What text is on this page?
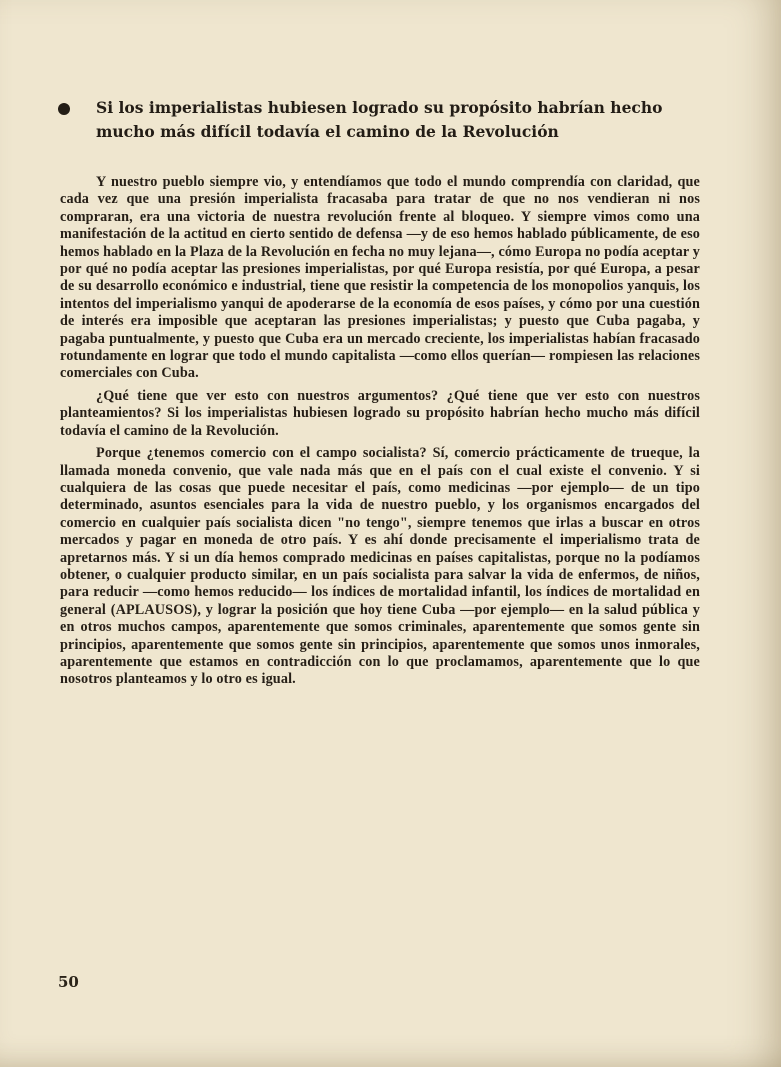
Si los imperialistas hubiesen logrado su propósito habrían hecho mucho más difícil todavía el camino de la Revolución

Y nuestro pueblo siempre vio, y entendíamos que todo el mundo comprendía con claridad, que cada vez que una presión imperialista fracasaba para tratar de que no nos vendieran ni nos compraran, era una victoria de nuestra revolución frente al bloqueo. Y siempre vimos como una manifestación de la actitud en cierto sentido de defensa —y de eso hemos hablado públicamente, de eso hemos hablado en la Plaza de la Revolución en fecha no muy lejana—, cómo Europa no podía aceptar y por qué no podía aceptar las presiones imperialistas, por qué Europa resistía, por qué Europa, a pesar de su desarrollo económico e industrial, tiene que resistir la competencia de los monopolios yanquis, los intentos del imperialismo yanqui de apoderarse de la economía de esos países, y cómo por una cuestión de interés era imposible que aceptaran las presiones imperialistas; y puesto que Cuba pagaba, y pagaba puntualmente, y puesto que Cuba era un mercado creciente, los imperialistas habían fracasado rotundamente en lograr que todo el mundo capitalista —como ellos querían— rompiesen las relaciones comerciales con Cuba.

¿Qué tiene que ver esto con nuestros argumentos? ¿Qué tiene que ver esto con nuestros planteamientos? Si los imperialistas hubiesen logrado su propósito habrían hecho mucho más difícil todavía el camino de la Revolución.

Porque ¿tenemos comercio con el campo socialista? Sí, comercio prácticamente de trueque, la llamada moneda convenio, que vale nada más que en el país con el cual existe el convenio. Y si cualquiera de las cosas que puede necesitar el país, como medicinas —por ejemplo— de un tipo determinado, asuntos esenciales para la vida de nuestro pueblo, y los organismos encargados del comercio en cualquier país socialista dicen "no tengo", siempre tenemos que irlas a buscar en otros mercados y pagar en moneda de otro país. Y es ahí donde precisamente el imperialismo trata de apretarnos más. Y si un día hemos comprado medicinas en países capitalistas, porque no la podíamos obtener, o cualquier producto similar, en un país socialista para salvar la vida de enfermos, de niños, para reducir —como hemos reducido— los índices de mortalidad infantil, los índices de mortalidad en general (APLAUSOS), y lograr la posición que hoy tiene Cuba —por ejemplo— en la salud pública y en otros muchos campos, aparentemente que somos criminales, aparentemente que somos gente sin principios, aparentemente que somos gente sin principios, aparentemente que somos unos inmorales, aparentemente que estamos en contradicción con lo que proclamamos, aparentemente que lo que nosotros planteamos y lo otro es igual.

50
